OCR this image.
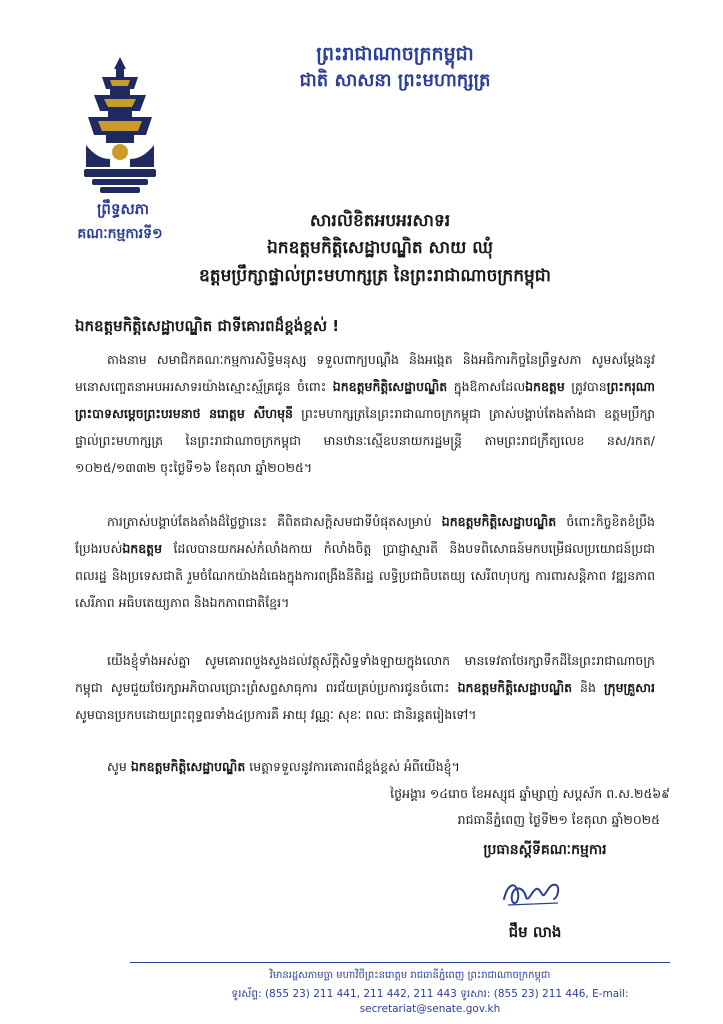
ព្រះរាជាណាចក្រកម្ពុជា
ជាតិ សាសនា ព្រះមហាក្សត្រ
ព្រឹទ្ធសភា
គណៈកម្មការទី១
សារលិខិតអបអរសាទរ
ឯកឧត្តមកិត្តិសេដ្ឋាបណ្ឌិត សាយ ឈុំ
ឧត្តមប្រឹក្សាផ្ទាល់ព្រះមហាក្សត្រ នៃព្រះរាជាណាចក្រកម្ពុជា
ឯកឧត្តមកិត្តិសេដ្ឋាបណ្ឌិត ជាទីគោរពដ៏ខ្ពង់ខ្ពស់ !
តាងនាម សមាជិកគណៈកម្មការសិទ្ធិមនុស្ស ទទួលពាក្យបណ្តឹង និងអង្កេត និងអធិការកិច្ចនៃព្រឹទ្ធសភា សូមសម្តែងនូវមនោសញ្ចេតនាអបអរសាទរយ៉ាងស្មោះស្ម័គ្រជូន ចំពោះ ឯកឧត្តមកិត្តិសេដ្ឋាបណ្ឌិត ក្នុងឱកាសដែលឯកឧត្តម ត្រូវបានព្រះករុណាព្រះបាទសម្តេចព្រះបរមនាថ នរោត្តម សីហមុនី ព្រះមហាក្សត្រនៃព្រះរាជាណាចក្រកម្ពុជា ត្រាស់បង្គាប់តែងតាំងជា ឧត្តមប្រឹក្សាផ្ទាល់ព្រះមហាក្សត្រ នៃព្រះរាជាណាចក្រកម្ពុជា មានឋានៈស្មើឧបនាយករដ្ឋមន្ត្រី តាមព្រះរាជក្រឹត្យលេខ នស/រកត/១០២៥/១៣៣២ ចុះថ្ងៃទី១៦ ខែតុលា ឆ្នាំ២០២៥។
ការត្រាស់បង្គាប់តែងតាំងដ៏ថ្លៃថ្លានេះ គឺពិតជាសក្ដិសមជាទីបំផុតសម្រាប់ ឯកឧត្តមកិត្តិសេដ្ឋាបណ្ឌិត ចំពោះកិច្ចខិតខំប្រឹងប្រែងរបស់ឯកឧត្តម ដែលបានយកអស់កំលាំងកាយ កំលាំងចិត្ត ប្រាជ្ញាស្មារតី និងបទពិសោធន៍មកបម្រើផលប្រយោជន៍ប្រជាពលរដ្ឋ និងប្រទេសជាតិ រួមចំណែកយ៉ាងដំធេងក្នុងការពង្រឹងនីតិរដ្ឋ លទ្ធិប្រជាធិបតេយ្យ សេរីពហុបក្ស ការពារសន្តិភាព វឌ្ឍនភាព សេរីភាព អធិបតេយ្យភាព និងឯកភាពជាតិខ្មែរ។
យើងខ្ញុំទាំងអស់គ្នា សូមគោរពបួងសួងដល់វត្ថុស័ក្តិសិទ្ធទាំងឡាយក្នុងលោក មានទេវតាថែរក្សាទឹកដីនៃព្រះរាជាណាចក្រកម្ពុជា សូមជួយថែរក្សាអភិបាលប្រោះព្រំសព្ទសាធុការ ពរជ័យគ្រប់ប្រការជូនចំពោះ ឯកឧត្តមកិត្តិសេដ្ឋាបណ្ឌិត និង ក្រុមគ្រួសារ សូមបានប្រកបដោយព្រះពុទ្ធពរទាំង៤ប្រការគឺ អាយុ វណ្ណៈ សុខៈ ពលៈ ជានិរន្តតរៀងទៅ។
សូម ឯកឧត្តមកិត្តិសេដ្ឋាបណ្ឌិត មេត្តាទទួលនូវការគោរពដ៏ខ្ពង់ខ្ពស់ អំពីយើងខ្ញុំ។
ថ្ងៃអង្គារ ១៤រោច ខែអស្សុជ ឆ្នាំម្សាញ់ សប្តស័ក ព.ស.២៥៦៩
រាជធានីភ្នំពេញ ថ្ងៃទី២១ ខែតុលា ឆ្នាំ២០២៥
ប្រធានស្តីទីគណៈកម្មការ
ជឹម លាង
វិមានរដ្ឋសភាមច្ឆា មហាវិថីព្រះនរោត្តម រាជធានីភ្នំពេញ ព្រះរាជាណាចក្រកម្ពុជា
ទូរស័ព្ទ: (855 23) 211 441, 211 442, 211 443 ទូរសារ: (855 23) 211 446, E-mail: secretariat@senate.gov.kh
